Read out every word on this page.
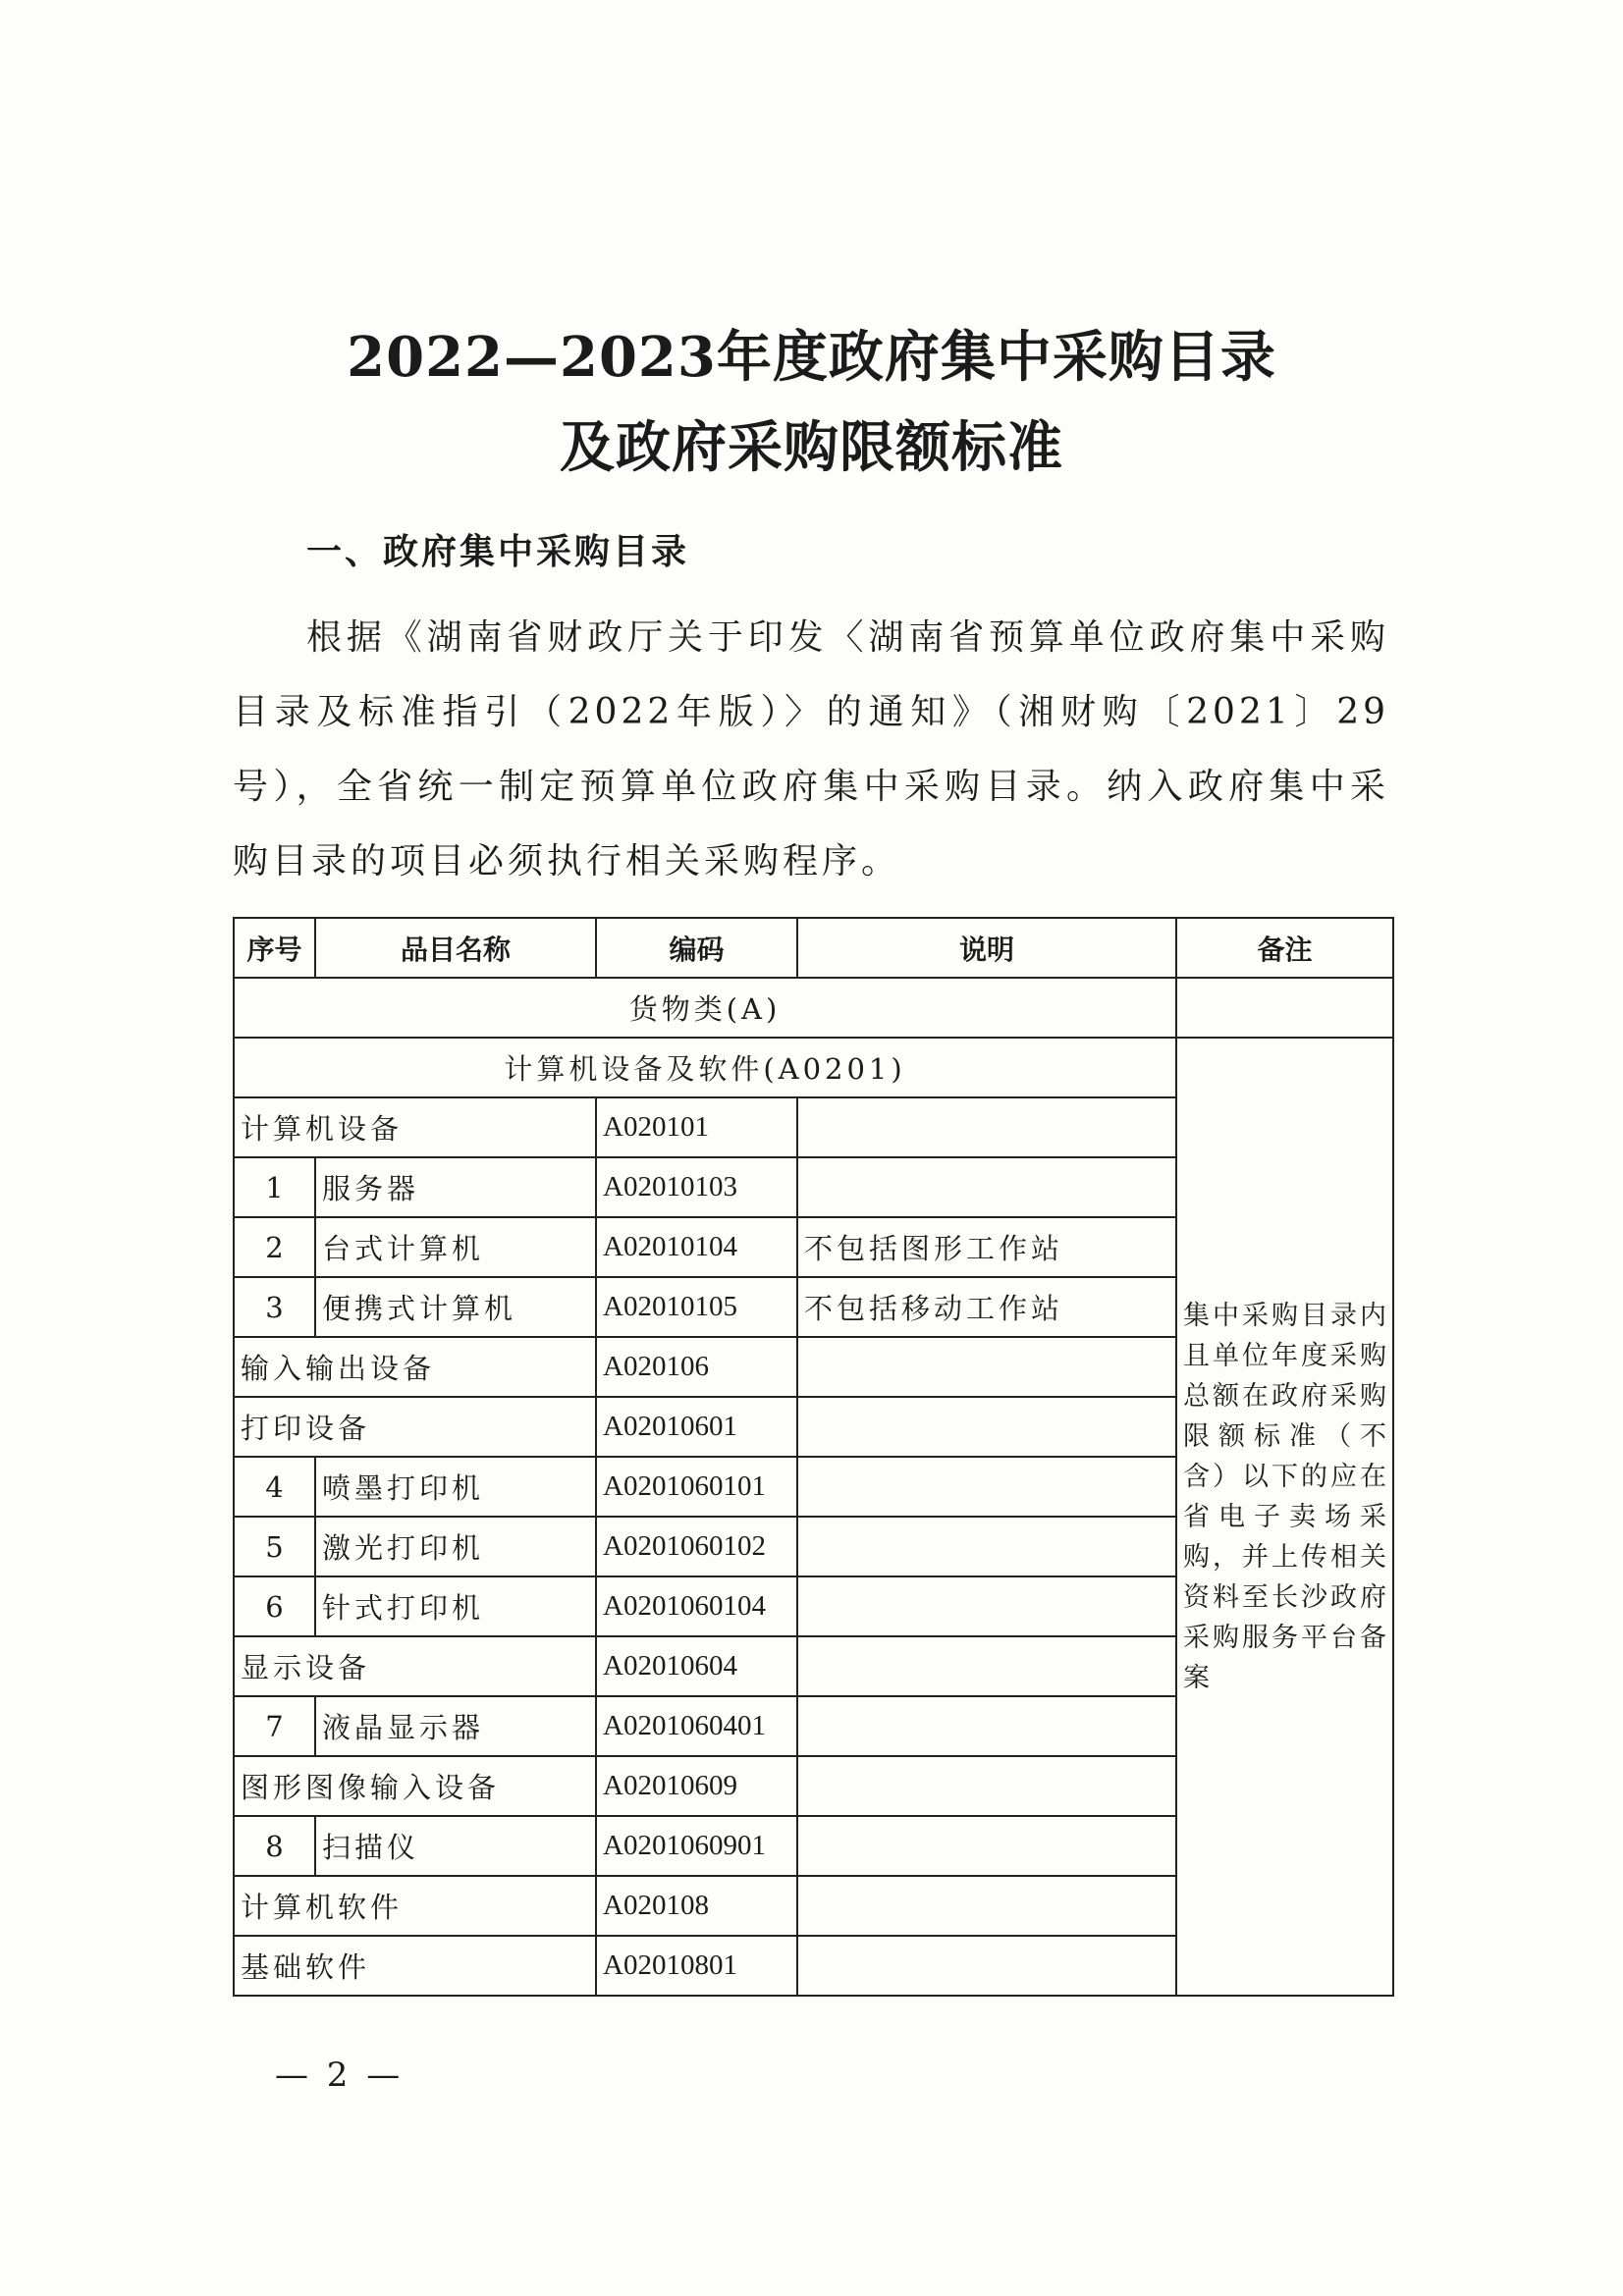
2022—2023年度政府集中采购目录
及政府采购限额标准
一、政府集中采购目录
根据《湖南省财政厅关于印发〈湖南省预算单位政府集中采购目录及标准指引（2022年版）〉的通知》（湘财购〔2021〕29号），全省统一制定预算单位政府集中采购目录。纳入政府集中采购目录的项目必须执行相关采购程序。
序号	品目名称	编码	说明	备注
货物类(A)				
计算机设备及软件(A0201)				集中采购目录内且单位年度采购总额在政府采购限额标准（不含）以下的应在省电子卖场采购，并上传相关资料至长沙政府采购服务平台备案
计算机设备		A020101		
1	服务器	A02010103		
2	台式计算机	A02010104	不包括图形工作站	
3	便携式计算机	A02010105	不包括移动工作站	
输入输出设备		A020106		
打印设备		A02010601		
4	喷墨打印机	A0201060101		
5	激光打印机	A0201060102		
6	针式打印机	A0201060104		
显示设备		A02010604		
7	液晶显示器	A0201060401		
图形图像输入设备		A02010609		
8	扫描仪	A0201060901		
计算机软件		A020108		
基础软件		A02010801		
— 2 —
